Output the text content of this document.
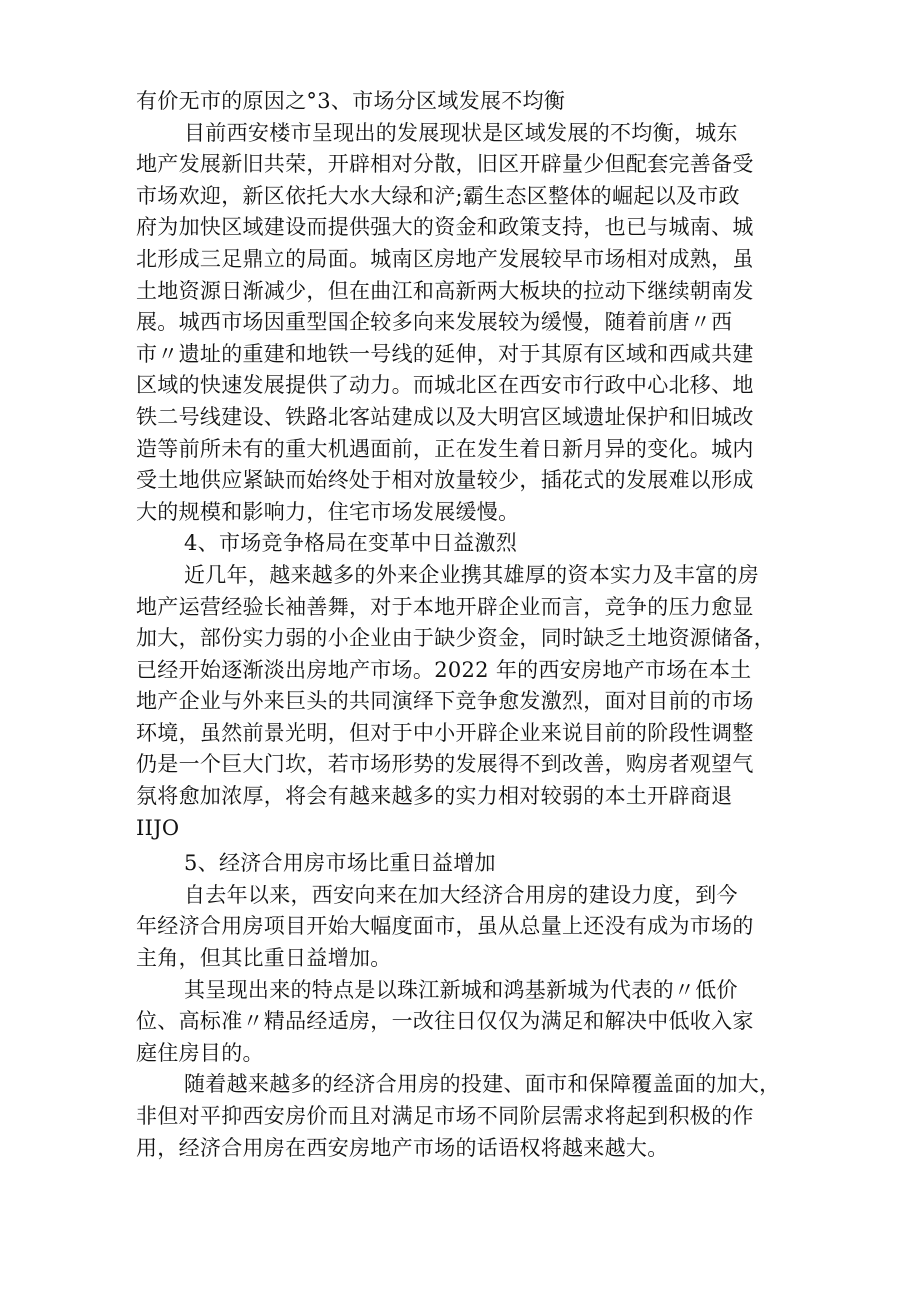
有价无市的原因之°3、市场分区域发展不均衡
目前西安楼市呈现出的发展现状是区域发展的不均衡，城东
地产发展新旧共荣，开辟相对分散，旧区开辟量少但配套完善备受
市场欢迎，新区依托大水大绿和浐;霸生态区整体的崛起以及市政
府为加快区域建设而提供强大的资金和政策支持，也已与城南、城
北形成三足鼎立的局面。城南区房地产发展较早市场相对成熟，虽
土地资源日渐减少，但在曲江和高新两大板块的拉动下继续朝南发
展。城西市场因重型国企较多向来发展较为缓慢，随着前唐〃西
市〃遗址的重建和地铁一号线的延伸，对于其原有区域和西咸共建
区域的快速发展提供了动力。而城北区在西安市行政中心北移、地
铁二号线建设、铁路北客站建成以及大明宫区域遗址保护和旧城改
造等前所未有的重大机遇面前，正在发生着日新月异的变化。城内
受土地供应紧缺而始终处于相对放量较少，插花式的发展难以形成
大的规模和影响力，住宅市场发展缓慢。
4、市场竞争格局在变革中日益激烈
近几年，越来越多的外来企业携其雄厚的资本实力及丰富的房
地产运营经验长袖善舞，对于本地开辟企业而言，竞争的压力愈显
加大，部份实力弱的小企业由于缺少资金，同时缺乏土地资源储备，
已经开始逐渐淡出房地产市场。2022 年的西安房地产市场在本土
地产企业与外来巨头的共同演绎下竞争愈发激烈，面对目前的市场
环境，虽然前景光明，但对于中小开辟企业来说目前的阶段性调整
仍是一个巨大门坎，若市场形势的发展得不到改善，购房者观望气
氛将愈加浓厚，将会有越来越多的实力相对较弱的本土开辟商退
IIJO
5、经济合用房市场比重日益增加
自去年以来，西安向来在加大经济合用房的建设力度，到今
年经济合用房项目开始大幅度面市，虽从总量上还没有成为市场的
主角，但其比重日益增加。
其呈现出来的特点是以珠江新城和鸿基新城为代表的〃低价
位、高标准〃精品经适房，一改往日仅仅为满足和解决中低收入家
庭住房目的。
随着越来越多的经济合用房的投建、面市和保障覆盖面的加大，
非但对平抑西安房价而且对满足市场不同阶层需求将起到积极的作
用，经济合用房在西安房地产市场的话语权将越来越大。
